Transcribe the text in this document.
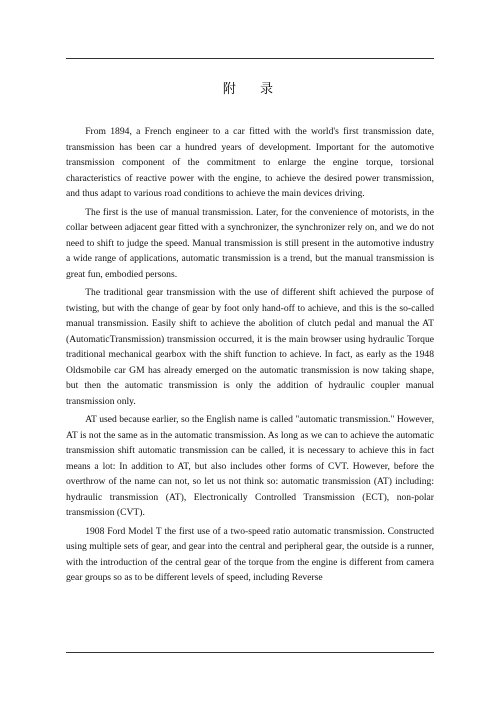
附 录

From 1894, a French engineer to a car fitted with the world's first transmission date, transmission has been car a hundred years of development. Important for the automotive transmission component of the commitment to enlarge the engine torque, torsional characteristics of reactive power with the engine, to achieve the desired power transmission, and thus adapt to various road conditions to achieve the main devices driving.

The first is the use of manual transmission. Later, for the convenience of motorists, in the collar between adjacent gear fitted with a synchronizer, the synchronizer rely on, and we do not need to shift to judge the speed. Manual transmission is still present in the automotive industry a wide range of applications, automatic transmission is a trend, but the manual transmission is great fun, embodied persons.

The traditional gear transmission with the use of different shift achieved the purpose of twisting, but with the change of gear by foot only hand-off to achieve, and this is the so-called manual transmission. Easily shift to achieve the abolition of clutch pedal and manual the AT (AutomaticTransmission) transmission occurred, it is the main browser using hydraulic Torque traditional mechanical gearbox with the shift function to achieve. In fact, as early as the 1948 Oldsmobile car GM has already emerged on the automatic transmission is now taking shape, but then the automatic transmission is only the addition of hydraulic coupler manual transmission only.

AT used because earlier, so the English name is called "automatic transmission." However, AT is not the same as in the automatic transmission. As long as we can to achieve the automatic transmission shift automatic transmission can be called, it is necessary to achieve this in fact means a lot: In addition to AT, but also includes other forms of CVT. However, before the overthrow of the name can not, so let us not think so: automatic transmission (AT) including: hydraulic transmission (AT), Electronically Controlled Transmission (ECT), non-polar transmission (CVT).

1908 Ford Model T the first use of a two-speed ratio automatic transmission. Constructed using multiple sets of gear, and gear into the central and peripheral gear, the outside is a runner, with the introduction of the central gear of the torque from the engine is different from camera gear groups so as to be different levels of speed, including Reverse
